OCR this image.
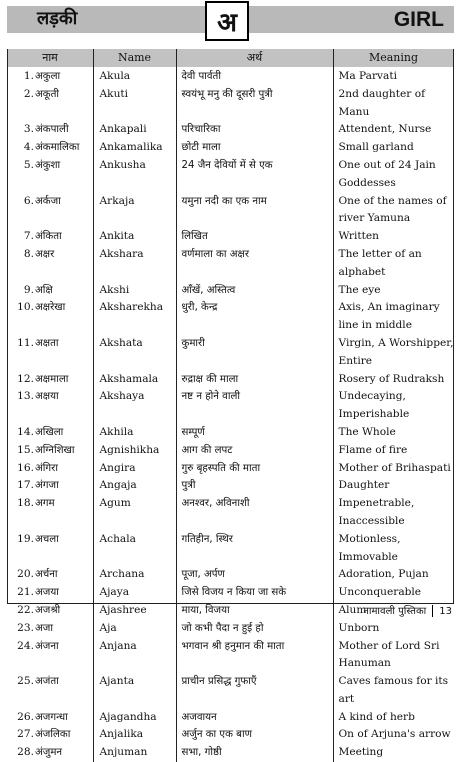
लड़की	GIRL
अ
नाम	Name	अर्थ	Meaning
1.	अकुला	Akula	देवी पार्वती	Ma Parvati
2.	अकूती	Akuti	स्वयंभू मनु की दूसरी पुत्री	2nd daughter of Manu
3.	अंकपाली	Ankapali	परिचारिका	Attendent, Nurse
4.	अंकमालिका	Ankamalika	छोटी माला	Small garland
5.	अंकुशा	Ankusha	24 जैन देवियों में से एक	One out of 24 Jain Goddesses
6.	अर्कजा	Arkaja	यमुना नदी का एक नाम	One of the names of river Yamuna
7.	अंकिता	Ankita	लिखित	Written
8.	अक्षर	Akshara	वर्णमाला का अक्षर	The letter of an alphabet
9.	अक्षि	Akshi	आँखें, अस्तित्व	The eye
10.	अक्षरेखा	Aksharekha	धुरी, केन्द्र	Axis, An imaginary line in middle
11.	अक्षता	Akshata	कुमारी	Virgin, A Worshipper, Entire
12.	अक्षमाला	Akshamala	रुद्राक्ष की माला	Rosery of Rudraksh
13.	अक्षया	Akshaya	नष्ट न होने वाली	Undecaying, Imperishable
14.	अखिला	Akhila	सम्पूर्ण	The Whole
15.	अग्निशिखा	Agnishikha	आग की लपट	Flame of fire
16.	अंगिरा	Angira	गुरु बृहस्पति की माता	Mother of Brihaspati
17.	अंगजा	Angaja	पुत्री	Daughter
18.	अगम	Agum	अनश्वर, अविनाशी	Impenetrable, Inaccessible
19.	अचला	Achala	गतिहीन, स्थिर	Motionless, Immovable
20.	अर्चना	Archana	पूजा, अर्पण	Adoration, Pujan
21.	अजया	Ajaya	जिसे विजय न किया जा सके	Unconquerable
22.	अजश्री	Ajashree	माया, विजया	Alum
23.	अजा	Aja	जो कभी पैदा न हुई हो	Unborn
24.	अंजना	Anjana	भगवान श्री हनुमान की माता	Mother of Lord Sri Hanuman
25.	अजंता	Ajanta	प्राचीन प्रसिद्ध गुफाएँ	Caves famous for its art
26.	अजगन्धा	Ajagandha	अजवायन	A kind of herb
27.	अंजलिका	Anjalika	अर्जुन का एक बाण	On of Arjuna's arrow
28.	अंजुमन	Anjuman	सभा, गोष्ठी	Meeting
नामावली पुस्तिका 13
